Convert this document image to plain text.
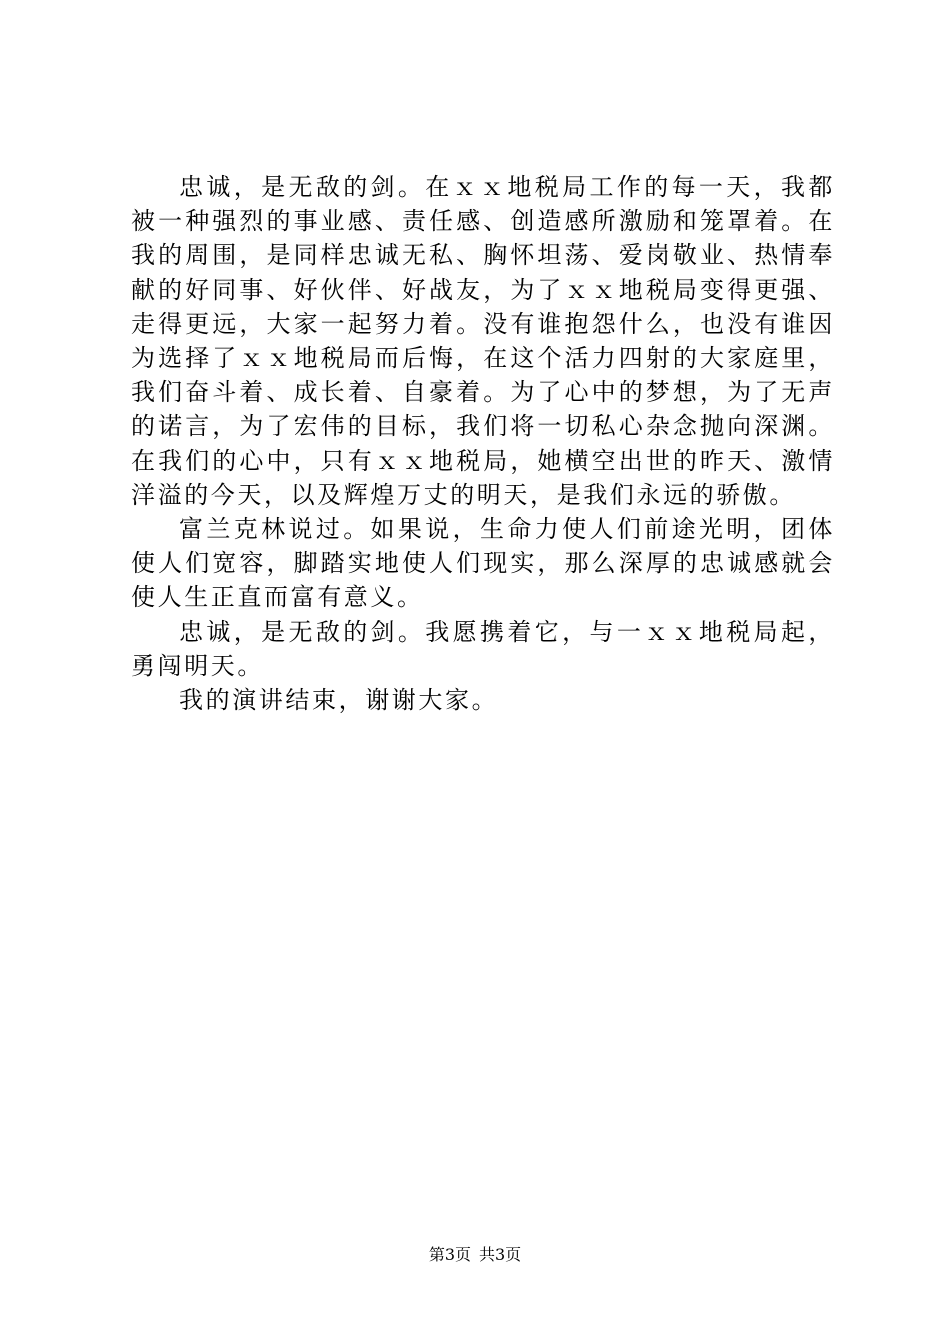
忠诚，是无敌的剑。在ｘｘ地税局工作的每一天，我都被一种强烈的事业感、责任感、创造感所激励和笼罩着。在我的周围，是同样忠诚无私、胸怀坦荡、爱岗敬业、热情奉献的好同事、好伙伴、好战友，为了ｘｘ地税局变得更强、走得更远，大家一起努力着。没有谁抱怨什么，也没有谁因为选择了ｘｘ地税局而后悔，在这个活力四射的大家庭里，我们奋斗着、成长着、自豪着。为了心中的梦想，为了无声的诺言，为了宏伟的目标，我们将一切私心杂念抛向深渊。在我们的心中，只有ｘｘ地税局，她横空出世的昨天、激情洋溢的今天，以及辉煌万丈的明天，是我们永远的骄傲。

富兰克林说过。如果说，生命力使人们前途光明，团体使人们宽容，脚踏实地使人们现实，那么深厚的忠诚感就会使人生正直而富有意义。

忠诚，是无敌的剑。我愿携着它，与一ｘｘ地税局起，勇闯明天。

我的演讲结束，谢谢大家。

第3页 共3页
